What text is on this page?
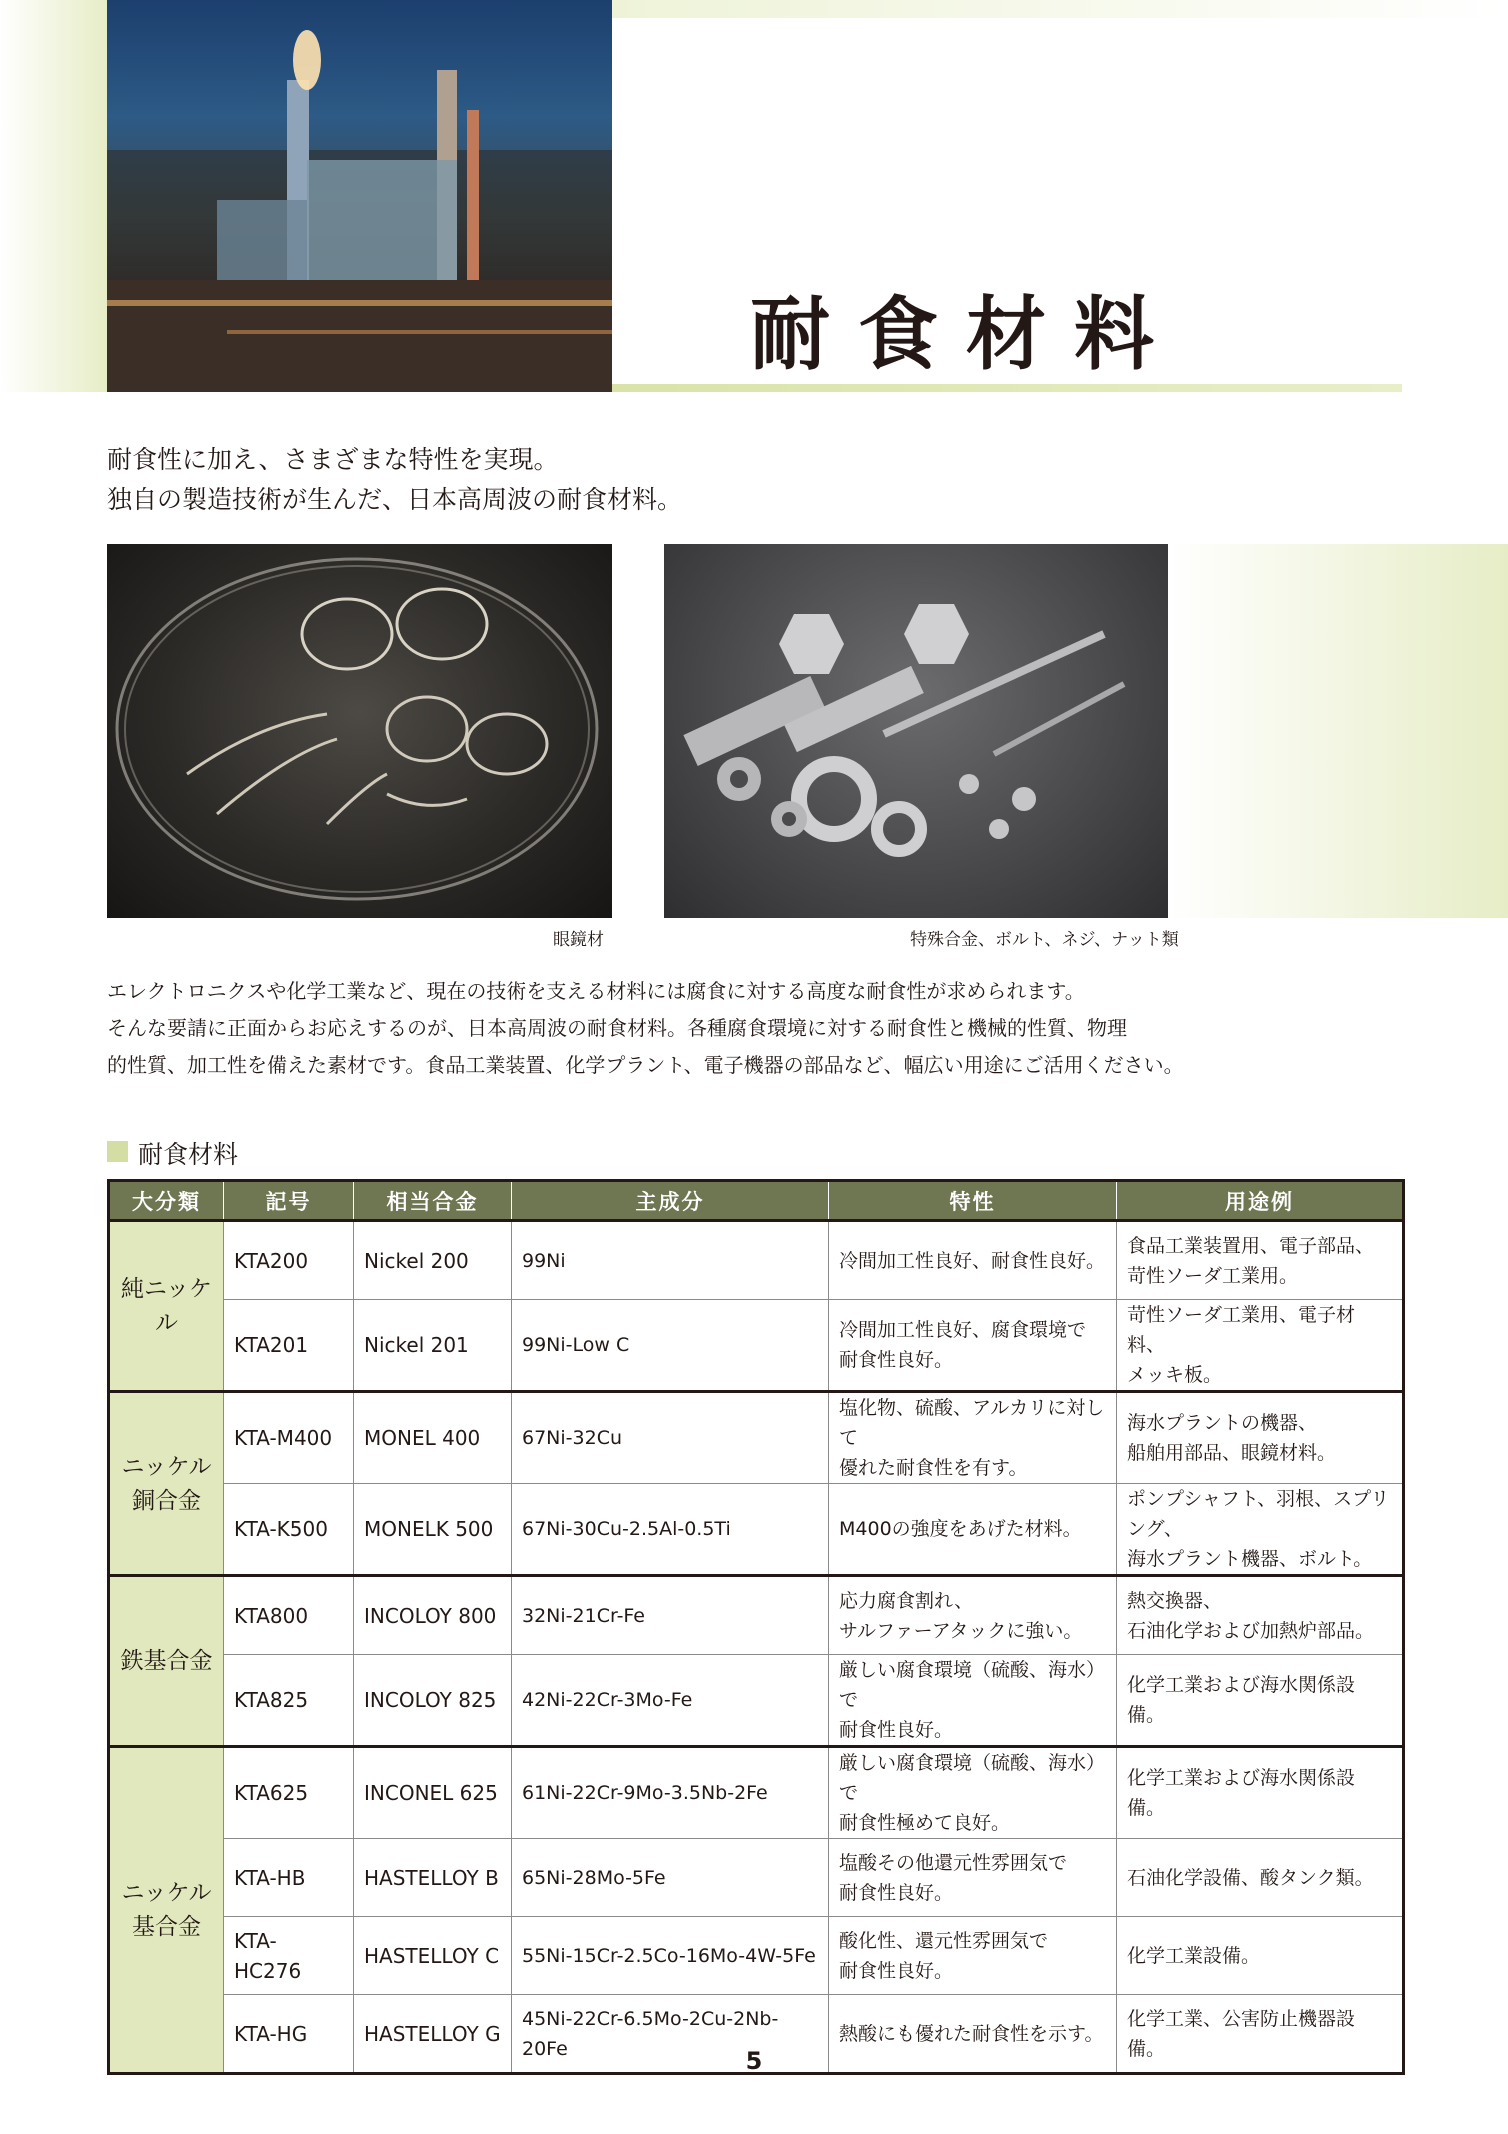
耐食材料
耐食性に加え、さまざまな特性を実現。
独自の製造技術が生んだ、日本高周波の耐食材料。
眼鏡材	特殊合金、ボルト、ネジ、ナット類
エレクトロニクスや化学工業など、現在の技術を支える材料には腐食に対する高度な耐食性が求められます。
そんな要請に正面からお応えするのが、日本高周波の耐食材料。各種腐食環境に対する耐食性と機械的性質、物理
的性質、加工性を備えた素材です。食品工業装置、化学プラント、電子機器の部品など、幅広い用途にご活用ください。
耐食材料
大分類	記号	相当合金	主成分	特性	用途例
純ニッケル	KTA200	Nickel 200	99Ni	冷間加工性良好、耐食性良好。	食品工業装置用、電子部品、
苛性ソーダ工業用。
	KTA201	Nickel 201	99Ni-Low C	冷間加工性良好、腐食環境で
耐食性良好。	苛性ソーダ工業用、電子材料、
メッキ板。
ニッケル
銅合金	KTA-M400	MONEL 400	67Ni-32Cu	塩化物、硫酸、アルカリに対して
優れた耐食性を有す。	海水プラントの機器、
船舶用部品、眼鏡材料。
	KTA-K500	MONELK 500	67Ni-30Cu-2.5Al-0.5Ti	M400の強度をあげた材料。	ポンプシャフト、羽根、スプリング、
海水プラント機器、ボルト。
鉄基合金	KTA800	INCOLOY 800	32Ni-21Cr-Fe	応力腐食割れ、
サルファーアタックに強い。	熱交換器、
石油化学および加熱炉部品。
	KTA825	INCOLOY 825	42Ni-22Cr-3Mo-Fe	厳しい腐食環境（硫酸、海水）で
耐食性良好。	化学工業および海水関係設備。
ニッケル
基合金	KTA625	INCONEL 625	61Ni-22Cr-9Mo-3.5Nb-2Fe	厳しい腐食環境（硫酸、海水）で
耐食性極めて良好。	化学工業および海水関係設備。
	KTA-HB	HASTELLOY B	65Ni-28Mo-5Fe	塩酸その他還元性雰囲気で
耐食性良好。	石油化学設備、酸タンク類。
	KTA-HC276	HASTELLOY C	55Ni-15Cr-2.5Co-16Mo-4W-5Fe	酸化性、還元性雰囲気で
耐食性良好。	化学工業設備。
	KTA-HG	HASTELLOY G	45Ni-22Cr-6.5Mo-2Cu-2Nb-20Fe	熱酸にも優れた耐食性を示す。	化学工業、公害防止機器設備。
5
